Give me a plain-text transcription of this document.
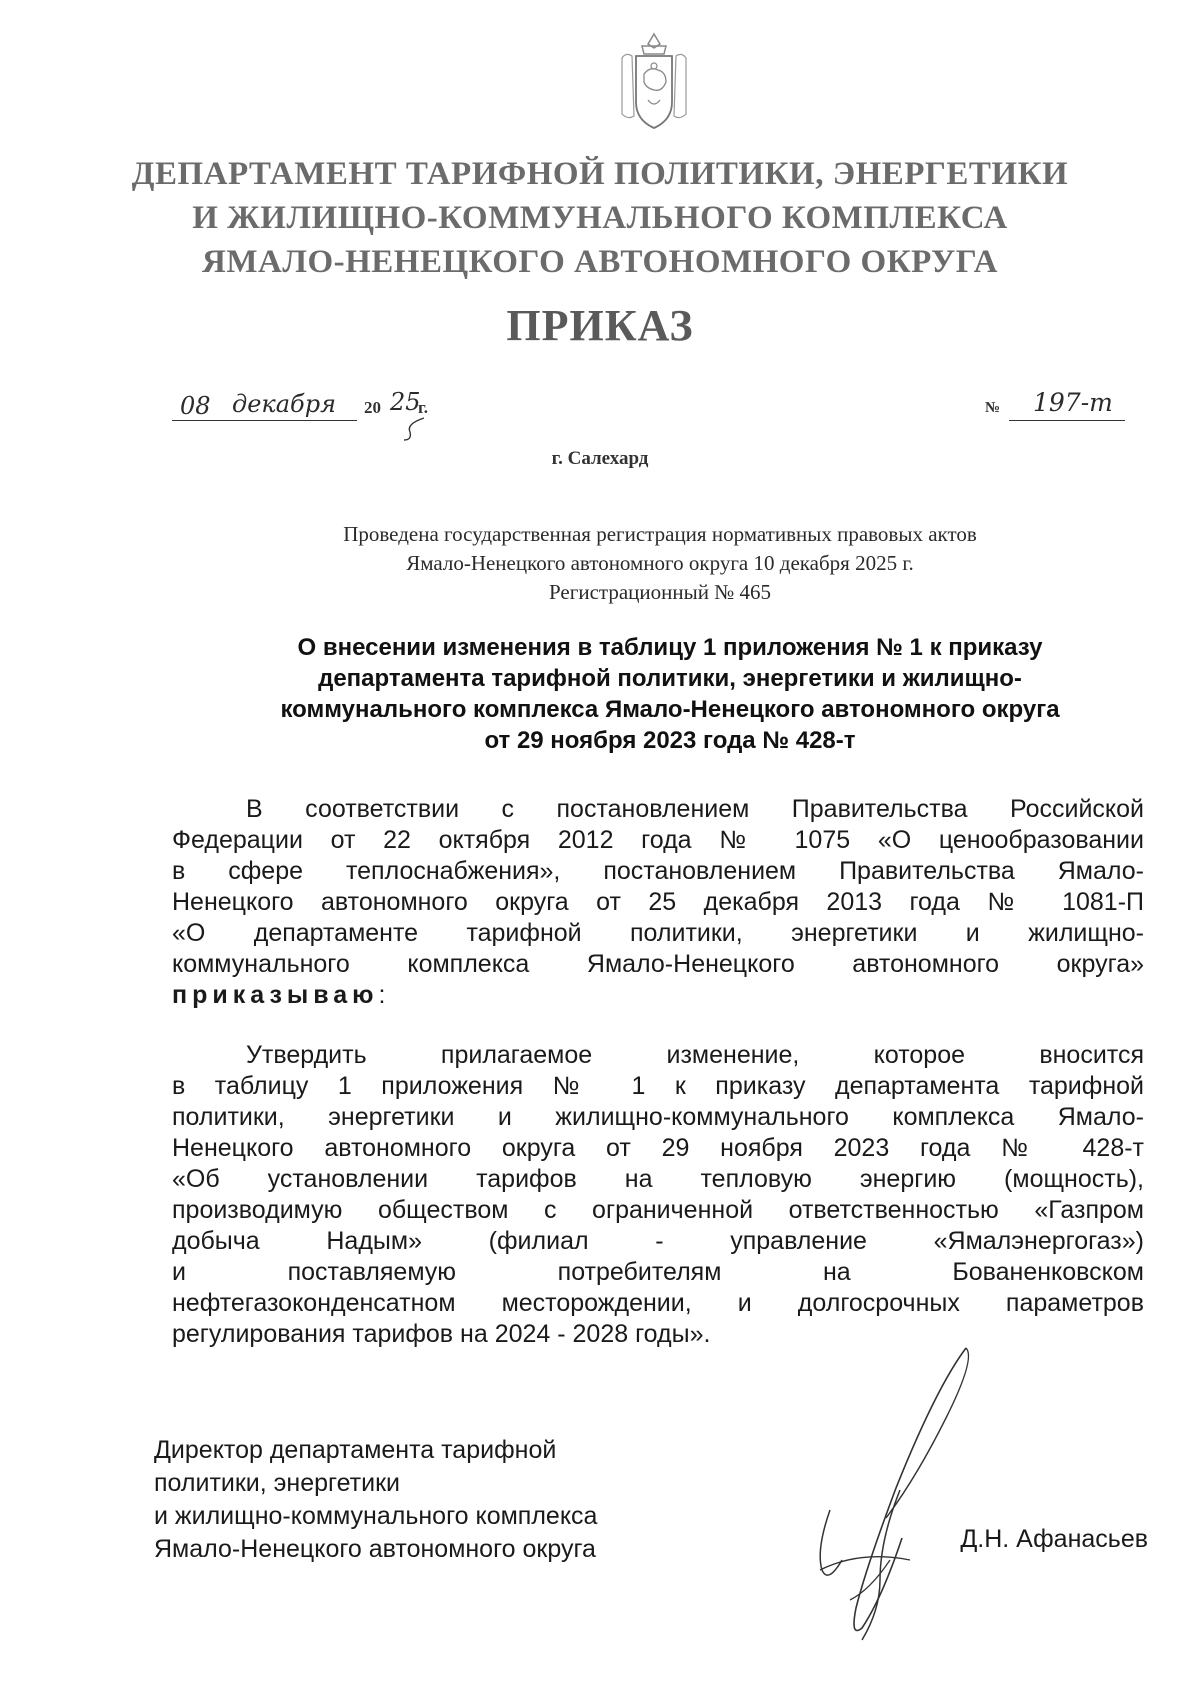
ДЕПАРТАМЕНТ ТАРИФНОЙ ПОЛИТИКИ, ЭНЕРГЕТИКИ
И ЖИЛИЩНО-КОММУНАЛЬНОГО КОМПЛЕКСА
ЯМАЛО-НЕНЕЦКОГО АВТОНОМНОГО ОКРУГА
ПРИКАЗ
08 декабря 20 25
г.	№ 197-т
г. Салехард
Проведена государственная регистрация нормативных правовых актов
Ямало-Ненецкого автономного округа 10 декабря 2025 г.
Регистрационный № 465
О внесении изменения в таблицу 1 приложения № 1 к приказу
департамента тарифной политики, энергетики и жилищно-
коммунального комплекса Ямало-Ненецкого автономного округа
от 29 ноября 2023 года № 428-т
В соответствии с постановлением Правительства Российской
Федерации от 22 октября 2012 года № 1075 «О ценообразовании
в сфере теплоснабжения», постановлением Правительства Ямало-
Ненецкого автономного округа от 25 декабря 2013 года № 1081-П
«О департаменте тарифной политики, энергетики и жилищно-
коммунального комплекса Ямало-Ненецкого автономного округа»
приказываю:
Утвердить прилагаемое изменение, которое вносится
в таблицу 1 приложения № 1 к приказу департамента тарифной
политики, энергетики и жилищно-коммунального комплекса Ямало-
Ненецкого автономного округа от 29 ноября 2023 года № 428-т
«Об установлении тарифов на тепловую энергию (мощность),
производимую обществом с ограниченной ответственностью «Газпром
добыча Надым» (филиал - управление «Ямалэнергогаз»)
и поставляемую потребителям на Бованенковском
нефтегазоконденсатном месторождении, и долгосрочных параметров
регулирования тарифов на 2024 - 2028 годы».
Директор департамента тарифной
политики, энергетики
и жилищно-коммунального комплекса
Ямало-Ненецкого автономного округа	Д.Н. Афанасьев
